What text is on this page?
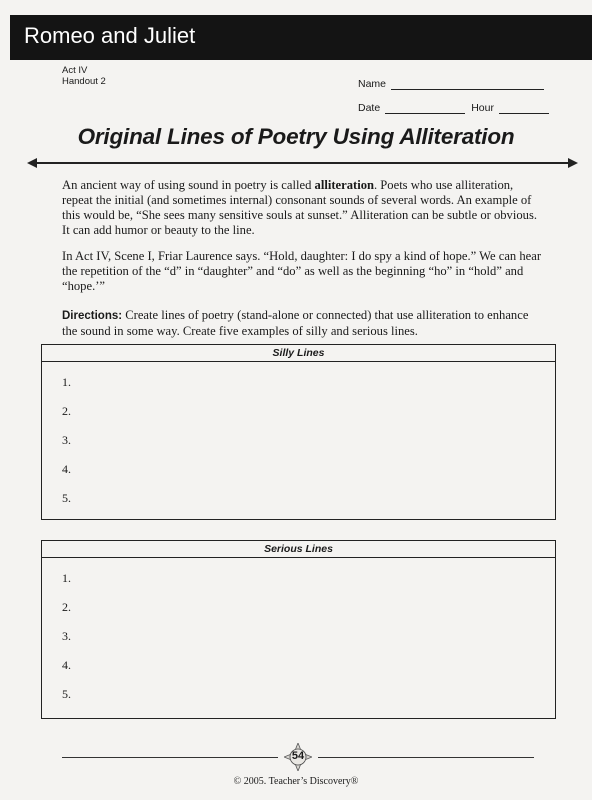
Romeo and Juliet
Act IV
Handout 2	Name
Date	Hour
Original Lines of Poetry Using Alliteration
An ancient way of using sound in poetry is called alliteration. Poets who use alliteration, repeat the initial (and sometimes internal) consonant sounds of several words. An example of this would be, “She sees many sensitive souls at sunset.” Alliteration can be subtle or obvious. It can add humor or beauty to the line.
In Act IV, Scene I, Friar Laurence says. “Hold, daughter: I do spy a kind of hope.” We can hear the repetition of the “d” in “daughter” and “do” as well as the beginning “ho” in “hold” and “hope.’”
Directions: Create lines of poetry (stand-alone or connected) that use alliteration to enhance the sound in some way. Create five examples of silly and serious lines.
Silly Lines
1.
2.
3.
4.
5.
Serious Lines
1.
2.
3.
4.
5.
54
© 2005. Teacher’s Discovery®
